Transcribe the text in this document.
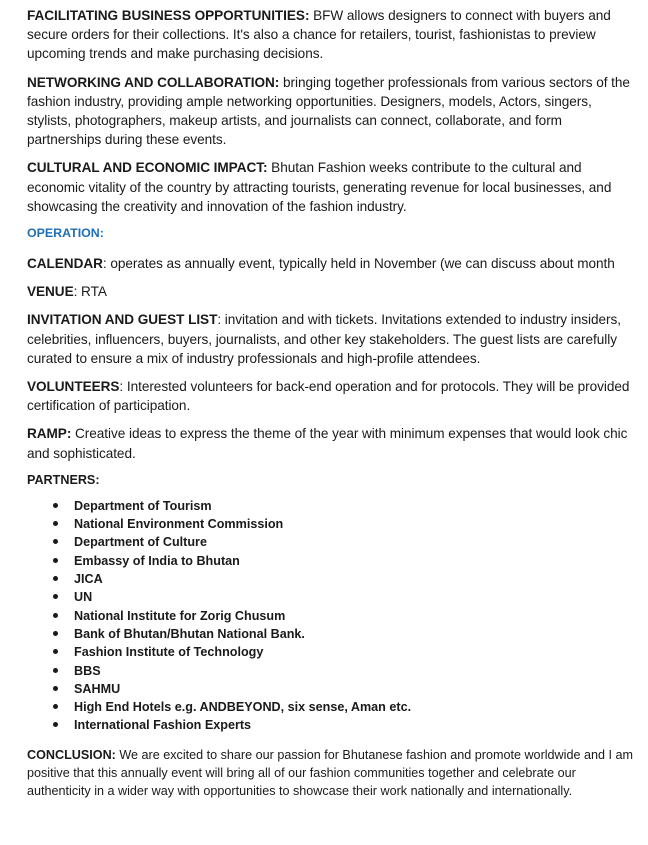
FACILITATING BUSINESS OPPORTUNITIES: BFW allows designers to connect with buyers and secure orders for their collections. It's also a chance for retailers, tourist, fashionistas to preview upcoming trends and make purchasing decisions.

NETWORKING AND COLLABORATION: bringing together professionals from various sectors of the fashion industry, providing ample networking opportunities. Designers, models, Actors, singers, stylists, photographers, makeup artists, and journalists can connect, collaborate, and form partnerships during these events.

CULTURAL AND ECONOMIC IMPACT: Bhutan Fashion weeks contribute to the cultural and economic vitality of the country by attracting tourists, generating revenue for local businesses, and showcasing the creativity and innovation of the fashion industry.

OPERATION:

CALENDAR: operates as annually event, typically held in November (we can discuss about month

VENUE: RTA

INVITATION AND GUEST LIST: invitation and with tickets. Invitations extended to industry insiders, celebrities, influencers, buyers, journalists, and other key stakeholders. The guest lists are carefully curated to ensure a mix of industry professionals and high-profile attendees.

VOLUNTEERS: Interested volunteers for back-end operation and for protocols. They will be provided certification of participation.

RAMP: Creative ideas to express the theme of the year with minimum expenses that would look chic and sophisticated.

PARTNERS:
Department of Tourism
National Environment Commission
Department of Culture
Embassy of India to Bhutan
JICA
UN
National Institute for Zorig Chusum
Bank of Bhutan/Bhutan National Bank.
Fashion Institute of Technology
BBS
SAHMU
High End Hotels e.g. ANDBEYOND, six sense, Aman etc.
International Fashion Experts

CONCLUSION: We are excited to share our passion for Bhutanese fashion and promote worldwide and I am positive that this annually event will bring all of our fashion communities together and celebrate our authenticity in a wider way with opportunities to showcase their work nationally and internationally.
